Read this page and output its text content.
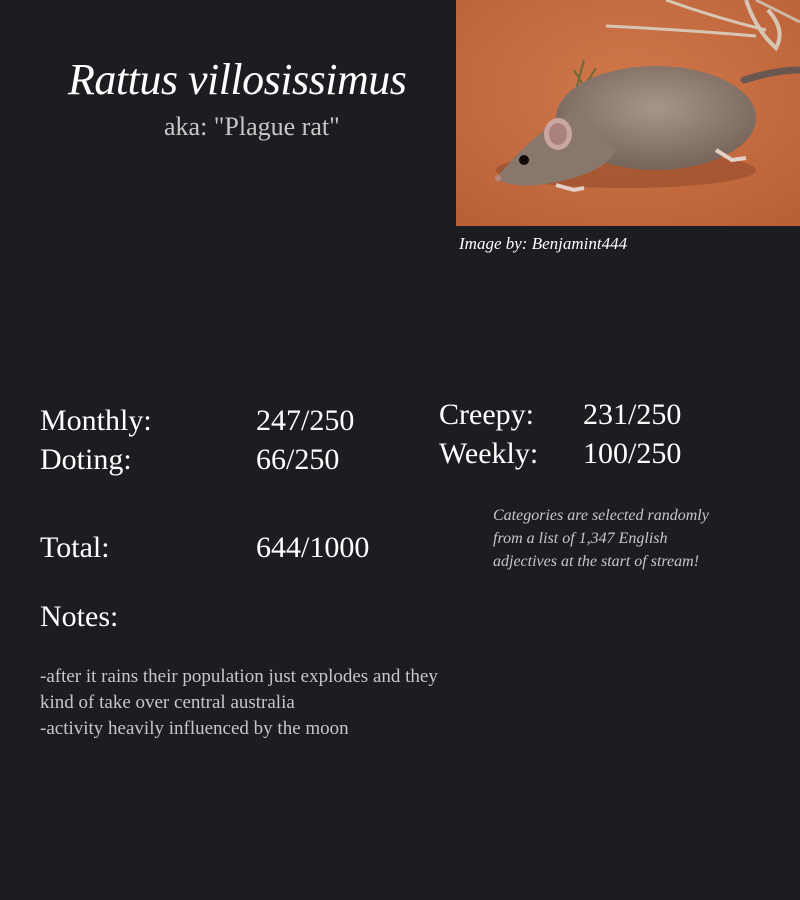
Rattus villosissimus
aka: "Plague rat"
Image by: Benjamint444
Monthly:	247/250
Doting:	66/250
Creepy: 231/250
Weekly: 100/250
Total:	644/1000
Categories are selected randomly
from a list of 1,347 English
adjectives at the start of stream!
Notes:
-after it rains their population just explodes and they
kind of take over central australia
-activity heavily influenced by the moon
